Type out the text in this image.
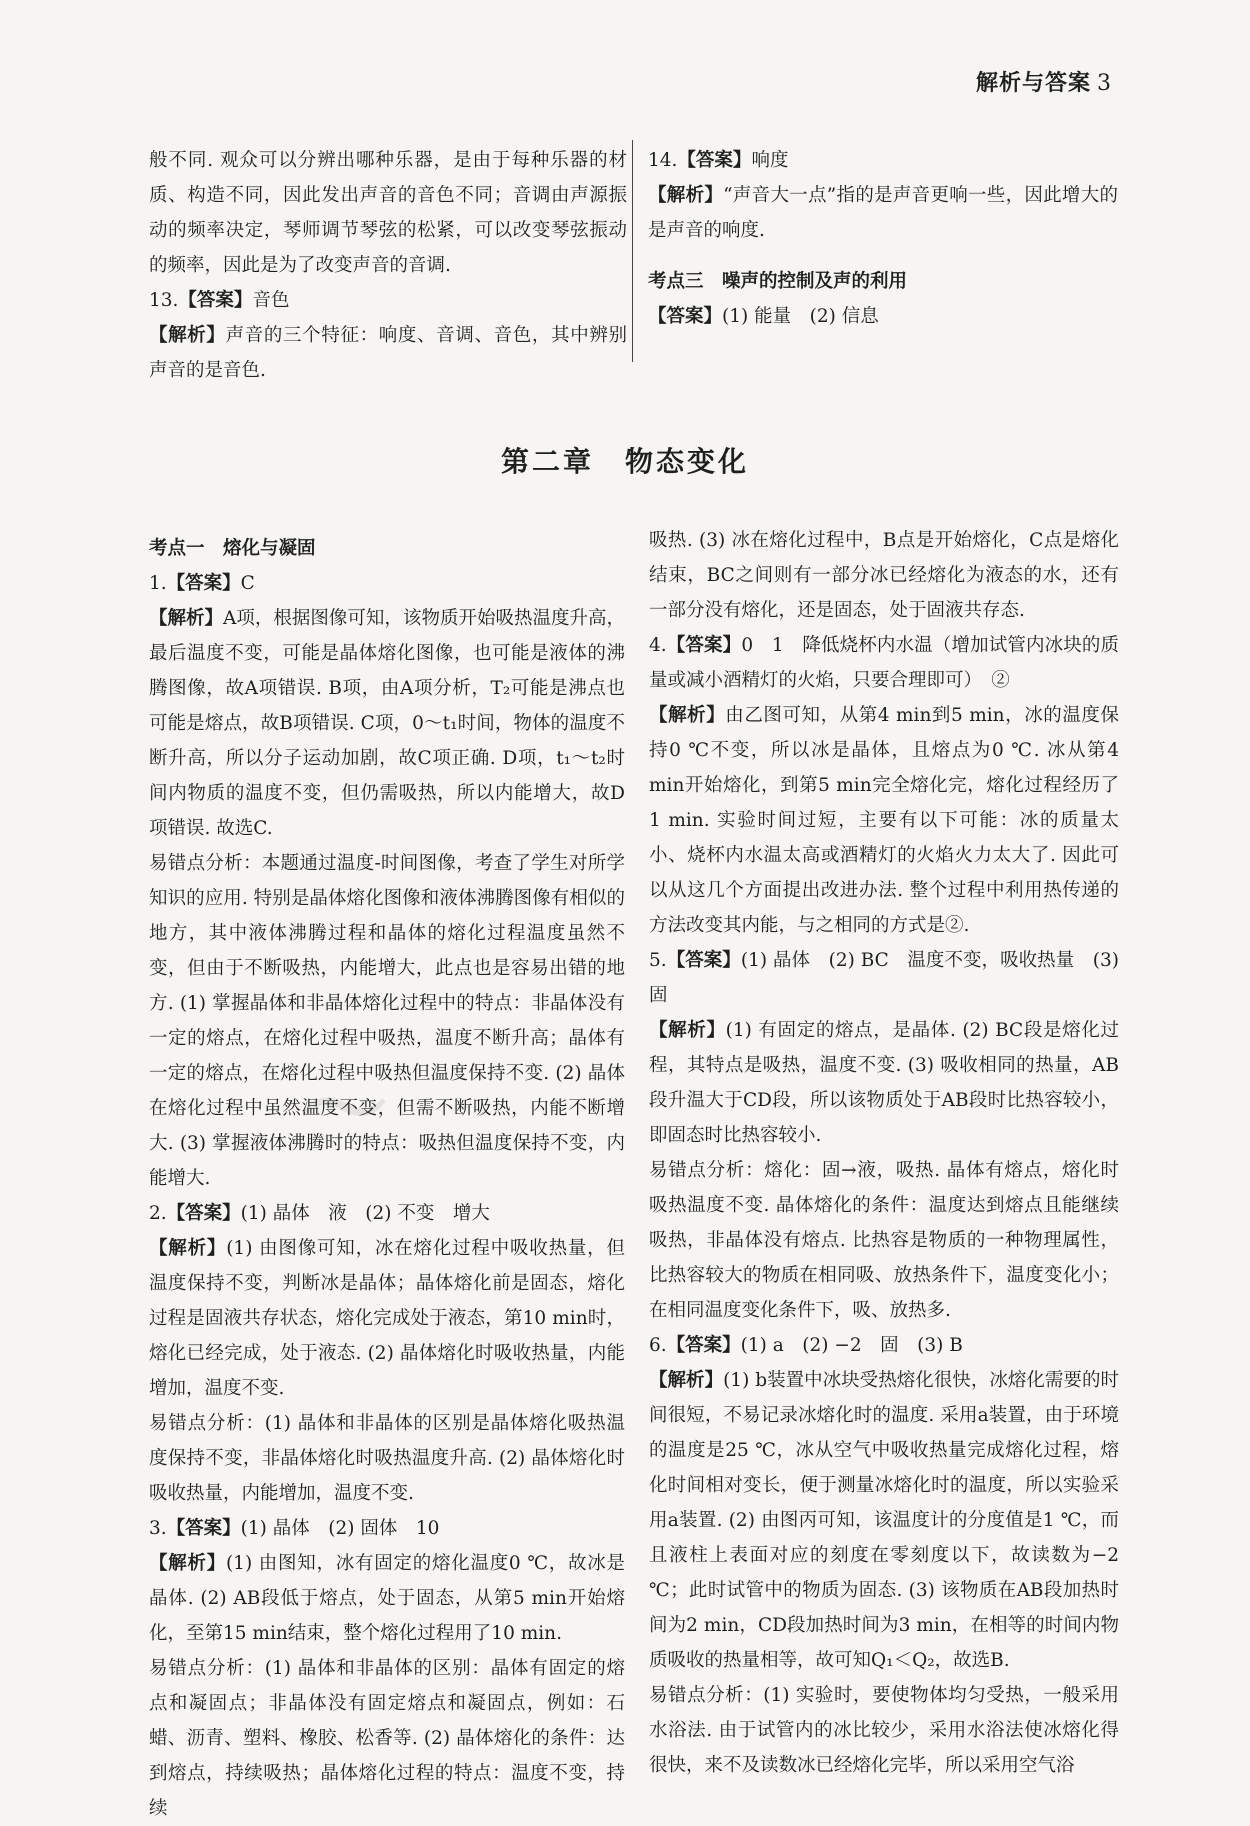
解析与答案 3

般不同. 观众可以分辨出哪种乐器，是由于每种乐器的材质、构造不同，因此发出声音的音色不同；音调由声源振动的频率决定，琴师调节琴弦的松紧，可以改变琴弦振动的频率，因此是为了改变声音的音调.

13.【答案】音色

【解析】声音的三个特征：响度、音调、音色，其中辨别声音的是音色.

14.【答案】响度

【解析】“声音大一点”指的是声音更响一些，因此增大的是声音的响度.

考点三　噪声的控制及声的利用

【答案】(1) 能量　(2) 信息

第二章　物态变化

考点一　熔化与凝固

1.【答案】C

【解析】A项，根据图像可知，该物质开始吸热温度升高，最后温度不变，可能是晶体熔化图像，也可能是液体的沸腾图像，故A项错误. B项，由A项分析，T₂可能是沸点也可能是熔点，故B项错误. C项，0～t₁时间，物体的温度不断升高，所以分子运动加剧，故C项正确. D项，t₁～t₂时间内物质的温度不变，但仍需吸热，所以内能增大，故D项错误. 故选C.

易错点分析：本题通过温度-时间图像，考查了学生对所学知识的应用. 特别是晶体熔化图像和液体沸腾图像有相似的地方，其中液体沸腾过程和晶体的熔化过程温度虽然不变，但由于不断吸热，内能增大，此点也是容易出错的地方. (1) 掌握晶体和非晶体熔化过程中的特点：非晶体没有一定的熔点，在熔化过程中吸热，温度不断升高；晶体有一定的熔点，在熔化过程中吸热但温度保持不变. (2) 晶体在熔化过程中虽然温度不变，但需不断吸热，内能不断增大. (3) 掌握液体沸腾时的特点：吸热但温度保持不变，内能增大.

2.【答案】(1) 晶体　液　(2) 不变　增大

【解析】(1) 由图像可知，冰在熔化过程中吸收热量，但温度保持不变，判断冰是晶体；晶体熔化前是固态，熔化过程是固液共存状态，熔化完成处于液态，第10 min时，熔化已经完成，处于液态. (2) 晶体熔化时吸收热量，内能增加，温度不变.

易错点分析：(1) 晶体和非晶体的区别是晶体熔化吸热温度保持不变，非晶体熔化时吸热温度升高. (2) 晶体熔化时吸收热量，内能增加，温度不变.

3.【答案】(1) 晶体　(2) 固体　10

【解析】(1) 由图知，冰有固定的熔化温度0 ℃，故冰是晶体. (2) AB段低于熔点，处于固态，从第5 min开始熔化，至第15 min结束，整个熔化过程用了10 min.

易错点分析：(1) 晶体和非晶体的区别：晶体有固定的熔点和凝固点；非晶体没有固定熔点和凝固点，例如：石蜡、沥青、塑料、橡胶、松香等. (2) 晶体熔化的条件：达到熔点，持续吸热；晶体熔化过程的特点：温度不变，持续

吸热. (3) 冰在熔化过程中，B点是开始熔化，C点是熔化结束，BC之间则有一部分冰已经熔化为液态的水，还有一部分没有熔化，还是固态，处于固液共存态.

4.【答案】0　1　降低烧杯内水温（增加试管内冰块的质量或减小酒精灯的火焰，只要合理即可）　②

【解析】由乙图可知，从第4 min到5 min，冰的温度保持0 ℃不变，所以冰是晶体，且熔点为0 ℃. 冰从第4 min开始熔化，到第5 min完全熔化完，熔化过程经历了1 min. 实验时间过短，主要有以下可能：冰的质量太小、烧杯内水温太高或酒精灯的火焰火力太大了. 因此可以从这几个方面提出改进办法. 整个过程中利用热传递的方法改变其内能，与之相同的方式是②.

5.【答案】(1) 晶体　(2) BC　温度不变，吸收热量　(3) 固

【解析】(1) 有固定的熔点，是晶体. (2) BC段是熔化过程，其特点是吸热，温度不变. (3) 吸收相同的热量，AB段升温大于CD段，所以该物质处于AB段时比热容较小，即固态时比热容较小.

易错点分析：熔化：固→液，吸热. 晶体有熔点，熔化时吸热温度不变. 晶体熔化的条件：温度达到熔点且能继续吸热，非晶体没有熔点. 比热容是物质的一种物理属性，比热容较大的物质在相同吸、放热条件下，温度变化小；在相同温度变化条件下，吸、放热多.

6.【答案】(1) a　(2) −2　固　(3) B

【解析】(1) b装置中冰块受热熔化很快，冰熔化需要的时间很短，不易记录冰熔化时的温度. 采用a装置，由于环境的温度是25 ℃，冰从空气中吸收热量完成熔化过程，熔化时间相对变长，便于测量冰熔化时的温度，所以实验采用a装置. (2) 由图丙可知，该温度计的分度值是1 ℃，而且液柱上表面对应的刻度在零刻度以下，故读数为−2 ℃；此时试管中的物质为固态. (3) 该物质在AB段加热时间为2 min，CD段加热时间为3 min，在相等的时间内物质吸收的热量相等，故可知Q₁＜Q₂，故选B.

易错点分析：(1) 实验时，要使物体均匀受热，一般采用水浴法. 由于试管内的冰比较少，采用水浴法使冰熔化得很快，来不及读数冰已经熔化完毕，所以采用空气浴

〜
